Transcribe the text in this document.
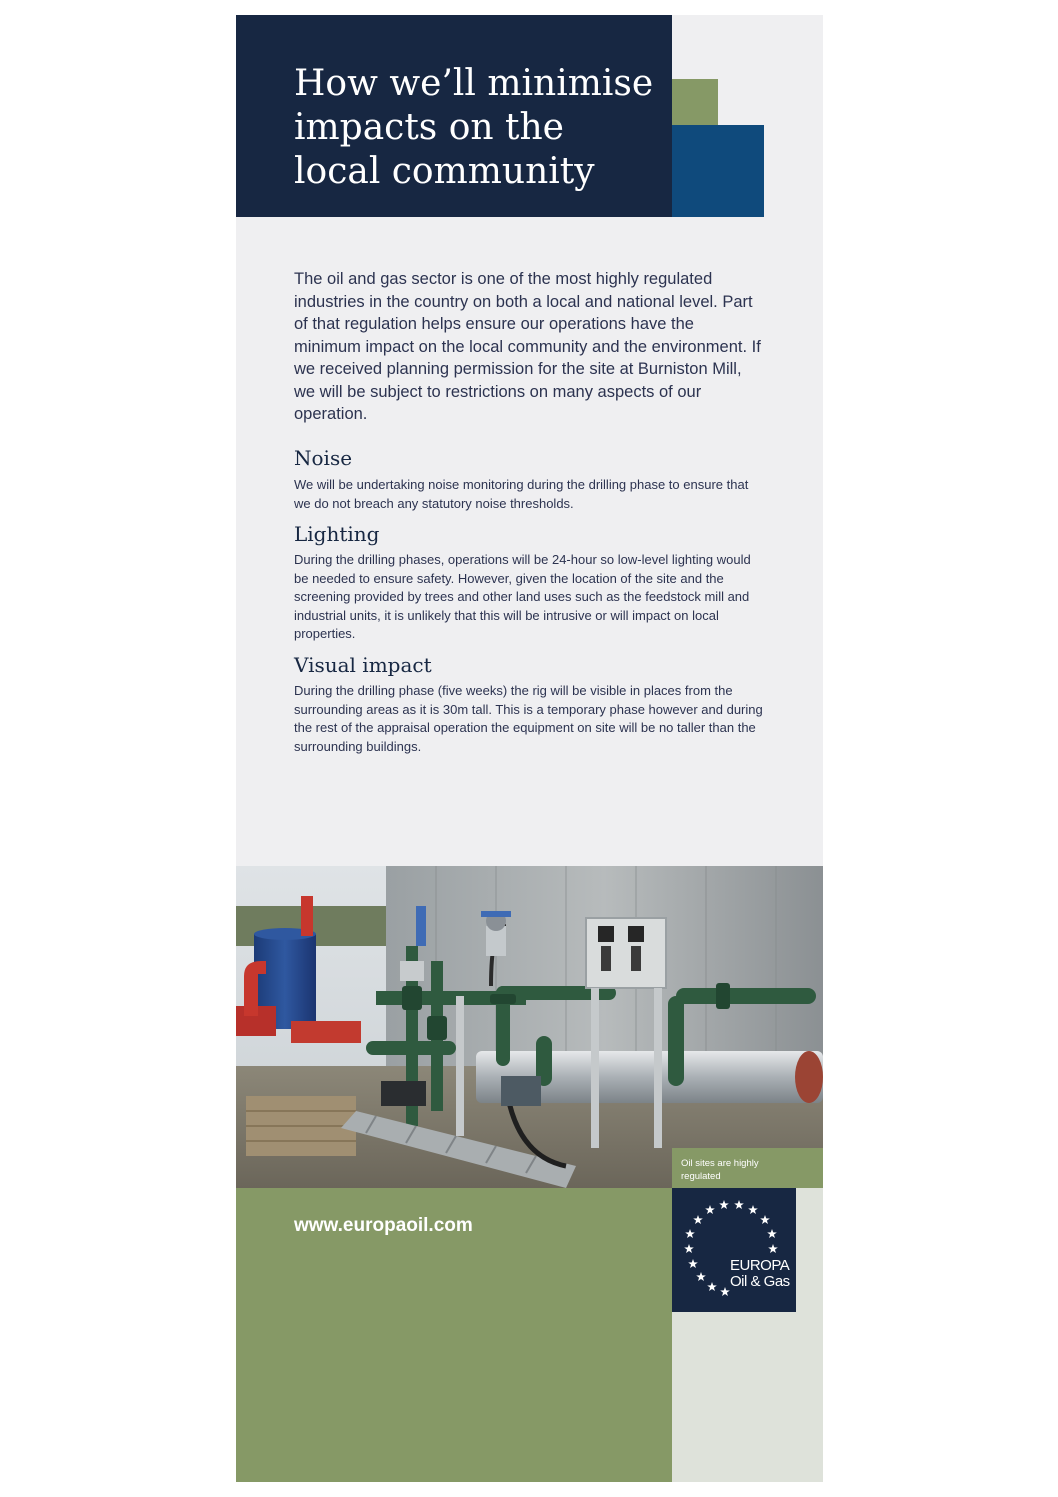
How we’ll minimise
impacts on the
local community

The oil and gas sector is one of the most highly regulated industries in the country on both a local and national level. Part of that regulation helps ensure our operations have the minimum impact on the local community and the environment. If we received planning permission for the site at Burniston Mill, we will be subject to restrictions on many aspects of our operation.

Noise

We will be undertaking noise monitoring during the drilling phase to ensure that we do not breach any statutory noise thresholds.

Lighting

During the drilling phases, operations will be 24-hour so low-level lighting would be needed to ensure safety. However, given the location of the site and the screening provided by trees and other land uses such as the feedstock mill and industrial units, it is unlikely that this will be intrusive or will impact on local properties.

Visual impact

During the drilling phase (five weeks) the rig will be visible in places from the surrounding areas as it is 30m tall. This is a temporary phase however and during the rest of the appraisal operation the equipment on site will be no taller than the surrounding buildings.

Oil sites are highly regulated
www.europaoil.com
EUROPA
Oil & Gas
